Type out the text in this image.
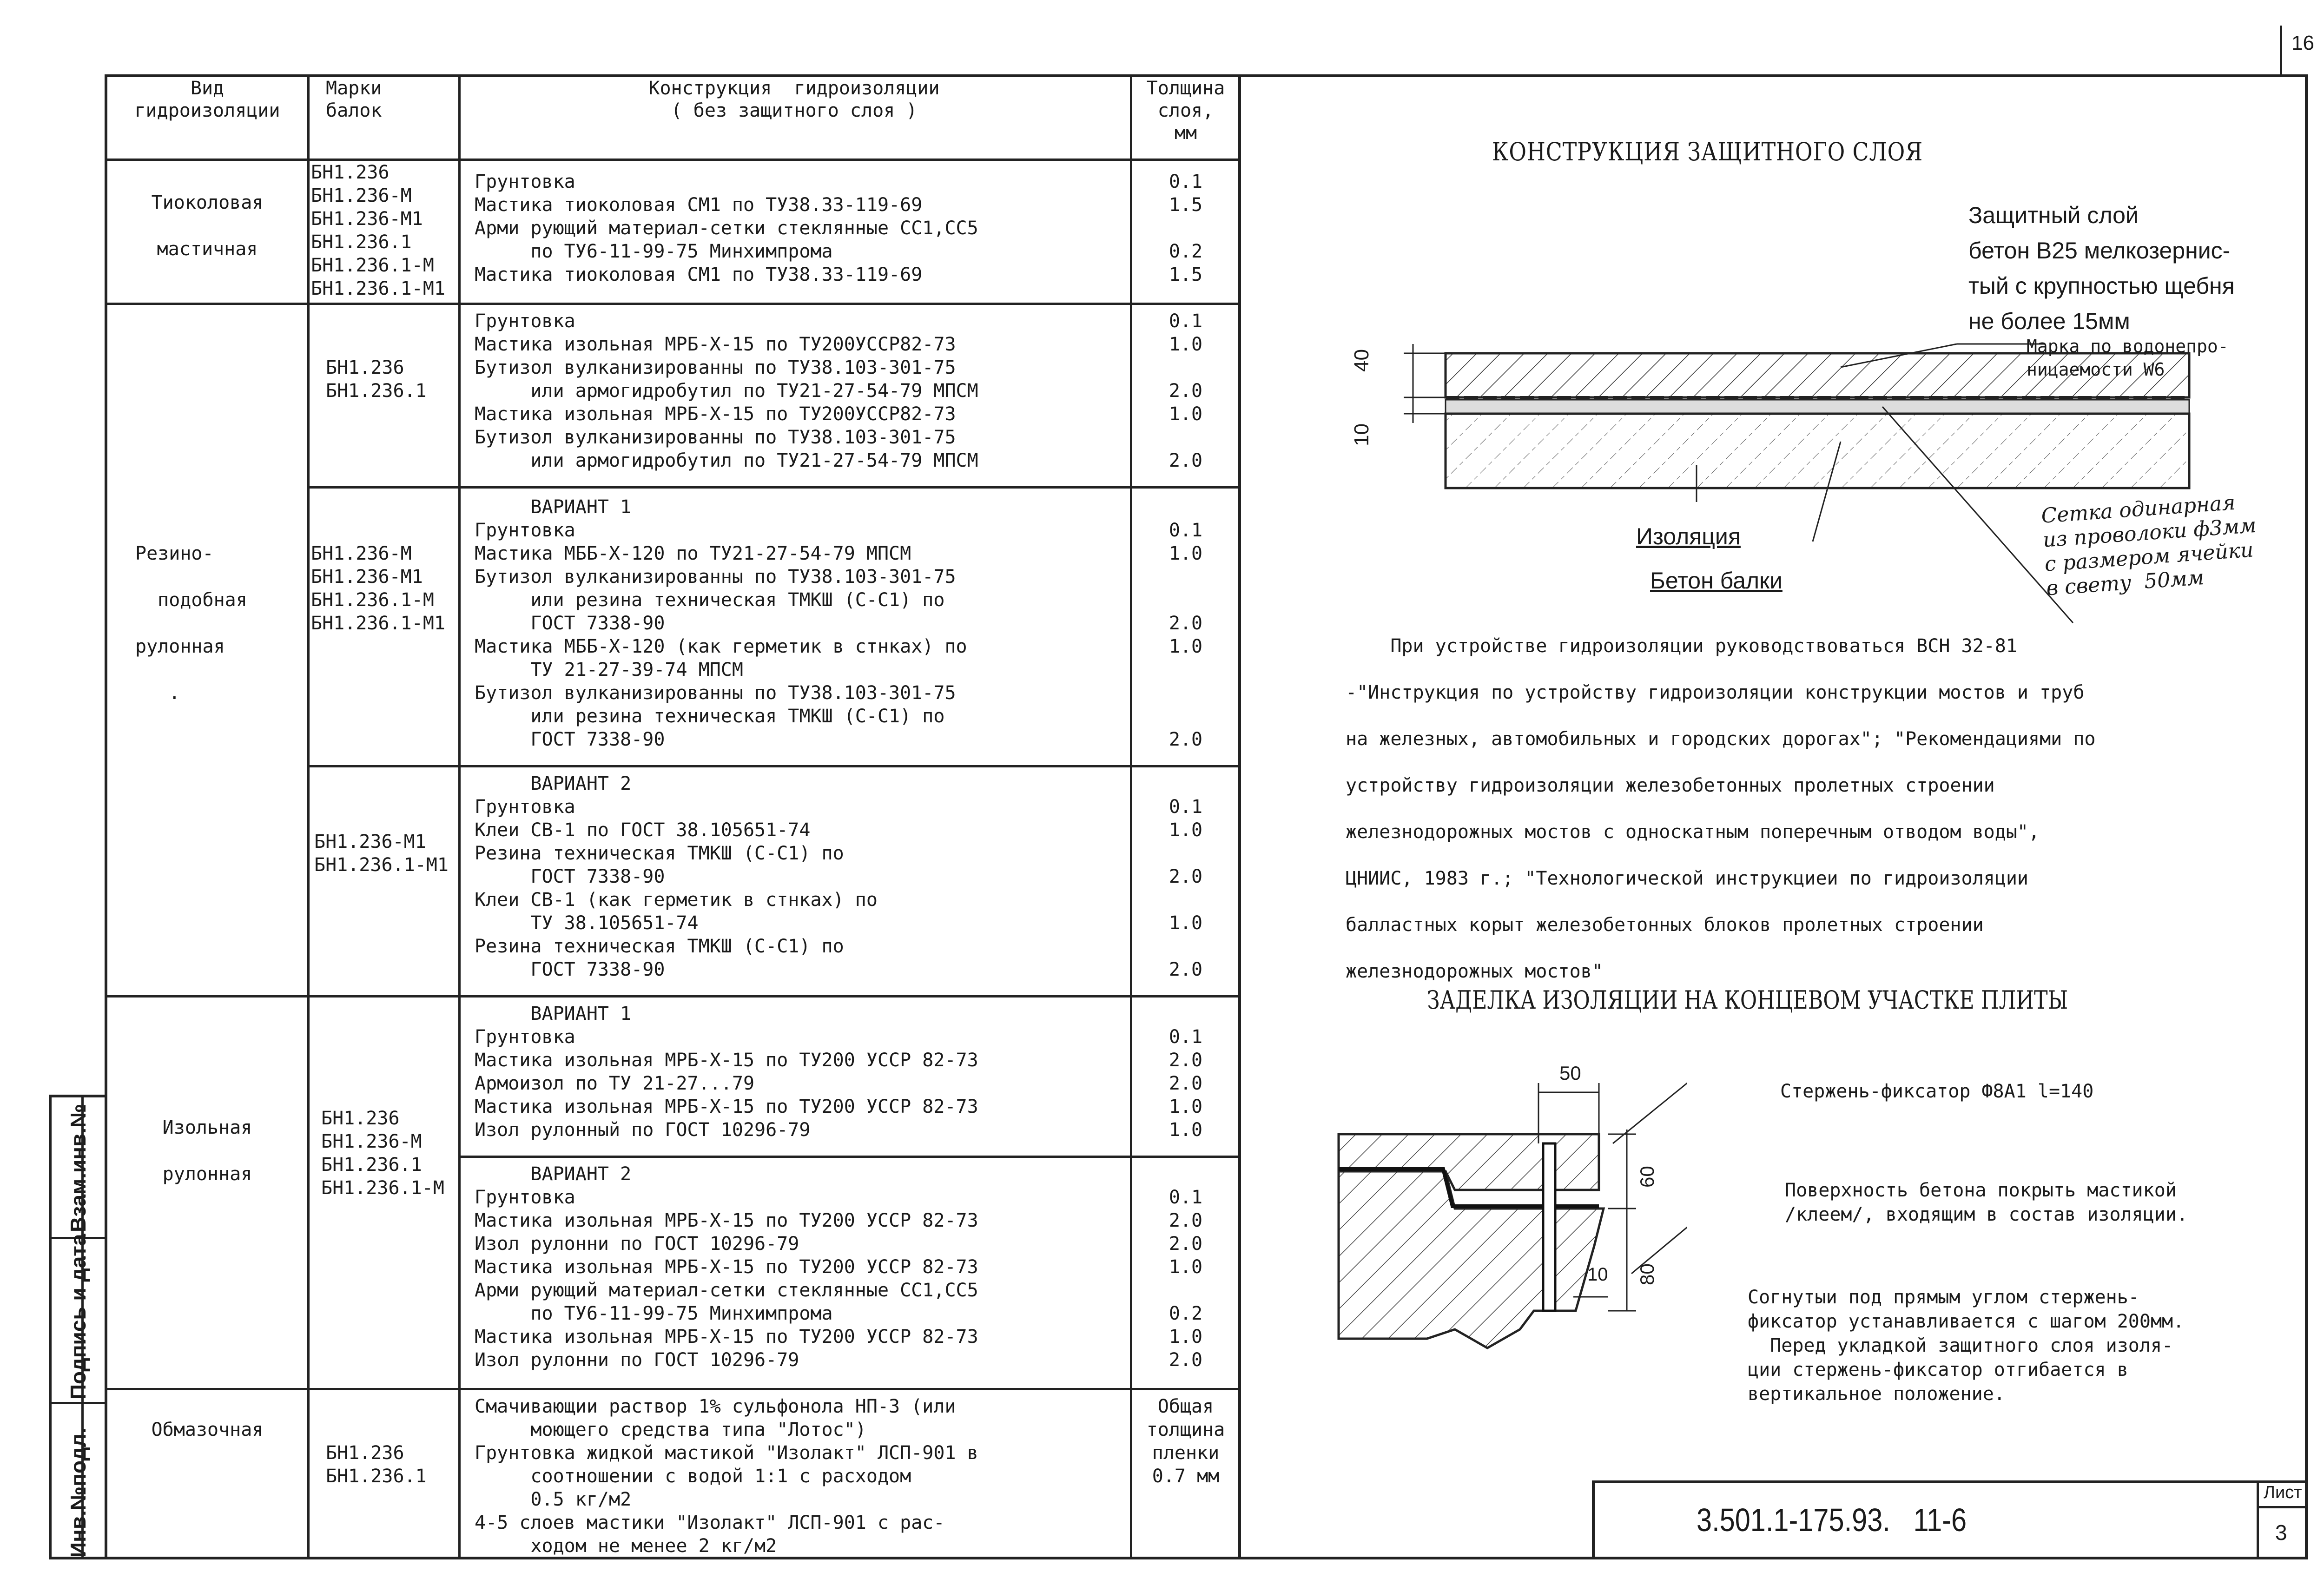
16
Вид
гидроизоляции
Марки
балок
Конструкция  гидроизоляции
( без защитного слоя )
Толщина
слоя,
мм
Тиоколовая

мастичная
БН1.236
БН1.236-М
БН1.236-М1
БН1.236.1
БН1.236.1-М
БН1.236.1-М1
Грунтовка
Мастика тиоколовая СМ1 по ТУ38.33-119-69
Арми рующий материал-сетки стеклянные СС1,СС5
по ТУ6-11-99-75 Минхимпрома
Мастика тиоколовая СМ1 по ТУ38.33-119-69
0.1
1.5

0.2
1.5
Резино-

подобная

рулонная

.
БН1.236
БН1.236.1
Грунтовка
Мастика изольная МРБ-Х-15 по ТУ200УССР82-73
Бутизол вулканизированны по ТУ38.103-301-75
или армогидробутил по ТУ21-27-54-79 МПСМ
Мастика изольная МРБ-Х-15 по ТУ200УССР82-73
Бутизол вулканизированны по ТУ38.103-301-75
или армогидробутил по ТУ21-27-54-79 МПСМ
0.1
1.0

2.0
1.0

2.0
БН1.236-М
БН1.236-М1
БН1.236.1-М
БН1.236.1-М1
ВАРИАНТ 1
Грунтовка
Мастика МББ-Х-120 по ТУ21-27-54-79 МПСМ
Бутизол вулканизированны по ТУ38.103-301-75
или резина техническая ТМКШ (С-С1) по
ГОСТ 7338-90
Мастика МББ-Х-120 (как герметик в стнках) по
ТУ 21-27-39-74 МПСМ
Бутизол вулканизированны по ТУ38.103-301-75
или резина техническая ТМКШ (С-С1) по
ГОСТ 7338-90

0.1
1.0

2.0
1.0

2.0
БН1.236-М1
БН1.236.1-М1
ВАРИАНТ 2
Грунтовка
Клеи СВ-1 по ГОСТ 38.105651-74
Резина техническая ТМКШ (С-С1) по
ГОСТ 7338-90
Клеи СВ-1 (как герметик в стнках) по
ТУ 38.105651-74
Резина техническая ТМКШ (С-С1) по
ГОСТ 7338-90

0.1
1.0

2.0

1.0

2.0
Изольная

рулонная
БН1.236
БН1.236-М
БН1.236.1
БН1.236.1-М
ВАРИАНТ 1
Грунтовка
Мастика изольная МРБ-Х-15 по ТУ200 УССР 82-73
Армоизол по ТУ 21-27...79
Мастика изольная МРБ-Х-15 по ТУ200 УССР 82-73
Изол рулонный по ГОСТ 10296-79

0.1
2.0
2.0
1.0
1.0
ВАРИАНТ 2
Грунтовка
Мастика изольная МРБ-Х-15 по ТУ200 УССР 82-73
Изол рулонни по ГОСТ 10296-79
Мастика изольная МРБ-Х-15 по ТУ200 УССР 82-73
Арми рующий материал-сетки стеклянные СС1,СС5
по ТУ6-11-99-75 Минхимпрома
Мастика изольная МРБ-Х-15 по ТУ200 УССР 82-73
Изол рулонни по ГОСТ 10296-79

0.1
2.0
2.0
1.0

0.2
1.0
2.0
Обмазочная
БН1.236
БН1.236.1
Смачивающии раствор 1% сульфонола НП-3 (или
моющего средства типа "Лотос")
Грунтовка жидкой мастикой "Изолакт" ЛСП-901 в
соотношении с водой 1:1 с расходом
0.5 кг/м2
4-5 слоев мастики "Изолакт" ЛСП-901 с рас-
ходом не менее 2 кг/м2
Общая
толщина
пленки
0.7 мм
Взам.инв.№
Подпись и дата
Инв.№подл.
КОНСТРУКЦИЯ ЗАЩИТНОГО СЛОЯ
40
10
Защитный слой
бетон В25 мелкозернис-
тый с крупностью щебня
не более 15мм
Марка по водонепро-
ницаемости W6
Изоляция
Бетон балки
Сетка одинарная
из проволоки ф3мм
с размером ячейки
в свету  50мм
При устройстве гидроизоляции руководствоваться ВСН 32-81
-"Инструкция по устройству гидроизоляции конструкции мостов и труб
на железных, автомобильных и городских дорогах"; "Рекомендациями по
устройству гидроизоляции железобетонных пролетных строении
железнодорожных мостов с односкатным поперечным отводом воды",
ЦНИИС, 1983 г.; "Технологической инструкциеи по гидроизоляции
балластных корыт железобетонных блоков пролетных строении
железнодорожных мостов"
ЗАДЕЛКА ИЗОЛЯЦИИ НА КОНЦЕВОМ УЧАСТКЕ ПЛИТЫ
50
60
80
10
Стержень-фиксатор Ф8А1 l=140
Поверхность бетона покрыть мастикой
/клеем/, входящим в состав изоляции.
Согнутыи под прямым углом стержень-
фиксатор устанавливается с шагом 200мм.
Перед укладкой защитного слоя изоля-
ции стержень-фиксатор отгибается в
вертикальное положение.
3.501.1-175.93.   11-6
Лист
3
